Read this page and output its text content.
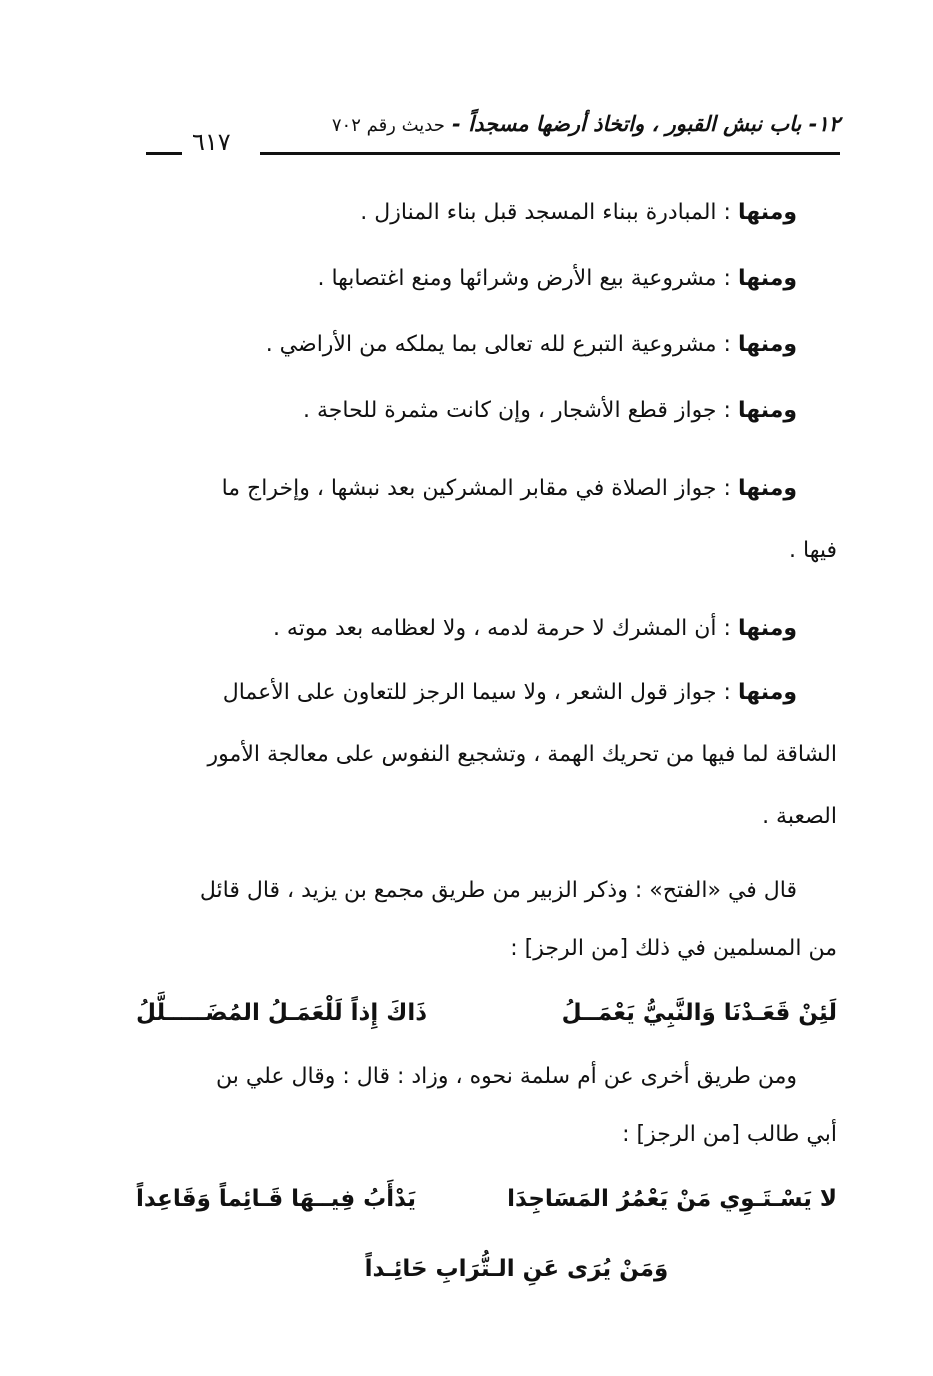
١٢- باب نبش القبور ، واتخاذ أرضها مسجداً - حديث رقم ٧٠٢
٦١٧

ومنها : المبادرة ببناء المسجد قبل بناء المنازل .

ومنها : مشروعية بيع الأرض وشرائها ومنع اغتصابها .

ومنها : مشروعية التبرع لله تعالى بما يملكه من الأراضي .

ومنها : جواز قطع الأشجار ، وإن كانت مثمرة للحاجة .

ومنها : جواز الصلاة في مقابر المشركين بعد نبشها ، وإخراج ما
فيها .

ومنها : أن المشرك لا حرمة لدمه ، ولا لعظامه بعد موته .

ومنها : جواز قول الشعر ، ولا سيما الرجز للتعاون على الأعمال
الشاقة لما فيها من تحريك الهمة ، وتشجيع النفوس على معالجة الأمور
الصعبة .
قال في «الفتح» : وذكر الزبير من طريق مجمع بن يزيد ، قال قائل
من المسلمين في ذلك [من الرجز] :
لَئِنْ قَعَـدْنَا وَالنَّبِيُّ يَعْمَــلُ
ذَاكَ إِذاً لَلْعَمَـلُ المُضَـــــلَّلُ
ومن طريق أخرى عن أم سلمة نحوه ، وزاد : قال : وقال علي بن
أبي طالب [من الرجز] :
لا يَسْـتَـوِي مَنْ يَعْمُرُ المَسَاجِدَا
يَدْأَبُ فِيــهَا قَـائِماً وَقَاعِداً
وَمَنْ يُرَى عَنِ الـتُّرَابِ حَائِـداً
